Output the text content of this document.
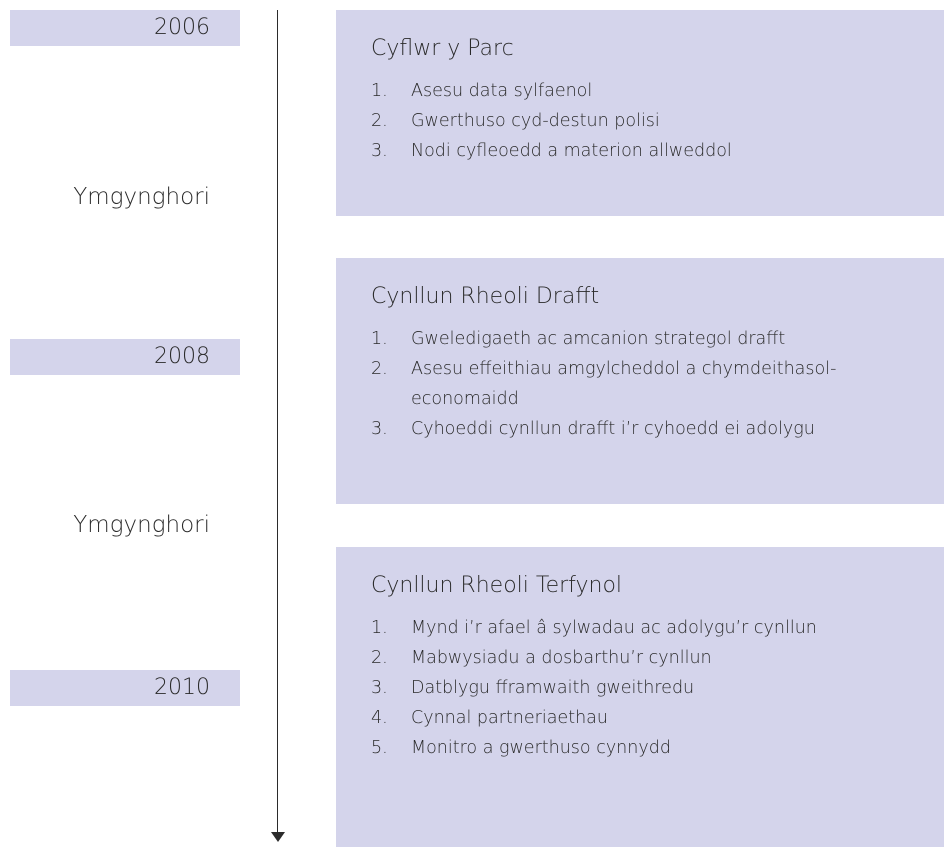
2006
2008
2010
Ymgynghori
Ymgynghori
Cyflwr y Parc
1.	Asesu data sylfaenol
2.	Gwerthuso cyd-destun polisi
3.	Nodi cyfleoedd a materion allweddol
Cynllun Rheoli Drafft
1.	Gweledigaeth ac amcanion strategol drafft
2.	Asesu effeithiau amgylcheddol a chymdeithasol-economaidd
3.	Cyhoeddi cynllun drafft i’r cyhoedd ei adolygu
Cynllun Rheoli Terfynol
1.	Mynd i’r afael â sylwadau ac adolygu’r cynllun
2.	Mabwysiadu a dosbarthu’r cynllun
3.	Datblygu fframwaith gweithredu
4.	Cynnal partneriaethau
5.	Monitro a gwerthuso cynnydd
